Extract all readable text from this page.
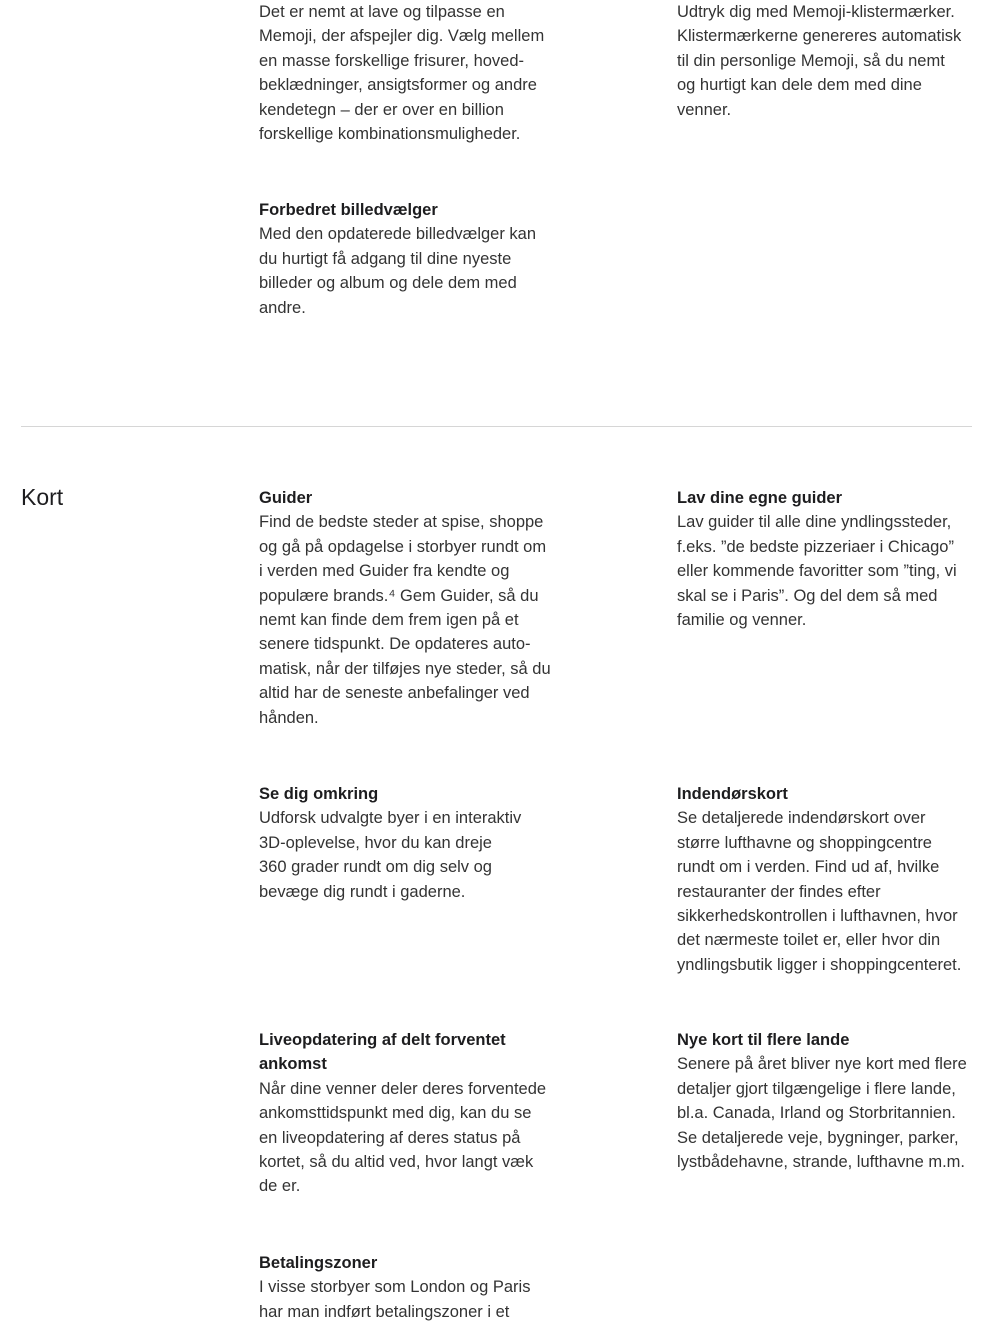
Det er nemt at lave og tilpasse en
Memoji, der afspejler dig. Vælg mellem
en masse forskellige frisurer, hoved-
beklædninger, ansigtsformer og andre
kendetegn – der er over en billion
forskellige kombinationsmuligheder.
Udtryk dig med Memoji-klistermærker.
Klistermærkerne genereres automatisk
til din personlige Memoji, så du nemt
og hurtigt kan dele dem med dine
venner.
Forbedret billedvælger
Med den opdaterede billedvælger kan
du hurtigt få adgang til dine nyeste
billeder og album og dele dem med
andre.
Kort	Guider
Find de bedste steder at spise, shoppe
og gå på opdagelse i storbyer rundt om
i verden med Guider fra kendte og
populære brands.⁴ Gem Guider, så du
nemt kan finde dem frem igen på et
senere tidspunkt. De opdateres auto-
matisk, når der tilføjes nye steder, så du
altid har de seneste anbefalinger ved
hånden.
Lav dine egne guider
Lav guider til alle dine yndlingssteder,
f.eks. ”de bedste pizzeriaer i Chicago”
eller kommende favoritter som ”ting, vi
skal se i Paris”. Og del dem så med
familie og venner.
Se dig omkring
Udforsk udvalgte byer i en interaktiv
3D-oplevelse, hvor du kan dreje
360 grader rundt om dig selv og
bevæge dig rundt i gaderne.
Indendørskort
Se detaljerede indendørskort over
større lufthavne og shoppingcentre
rundt om i verden. Find ud af, hvilke
restauranter der findes efter
sikkerhedskontrollen i lufthavnen, hvor
det nærmeste toilet er, eller hvor din
yndlingsbutik ligger i shoppingcenteret.
Liveopdatering af delt forventet
ankomst
Når dine venner deler deres forventede
ankomsttidspunkt med dig, kan du se
en liveopdatering af deres status på
kortet, så du altid ved, hvor langt væk
de er.
Nye kort til flere lande
Senere på året bliver nye kort med flere
detaljer gjort tilgængelige i flere lande,
bl.a. Canada, Irland og Storbritannien.
Se detaljerede veje, bygninger, parker,
lystbådehavne, strande, lufthavne m.m.
Betalingszoner
I visse storbyer som London og Paris
har man indført betalingszoner i et
